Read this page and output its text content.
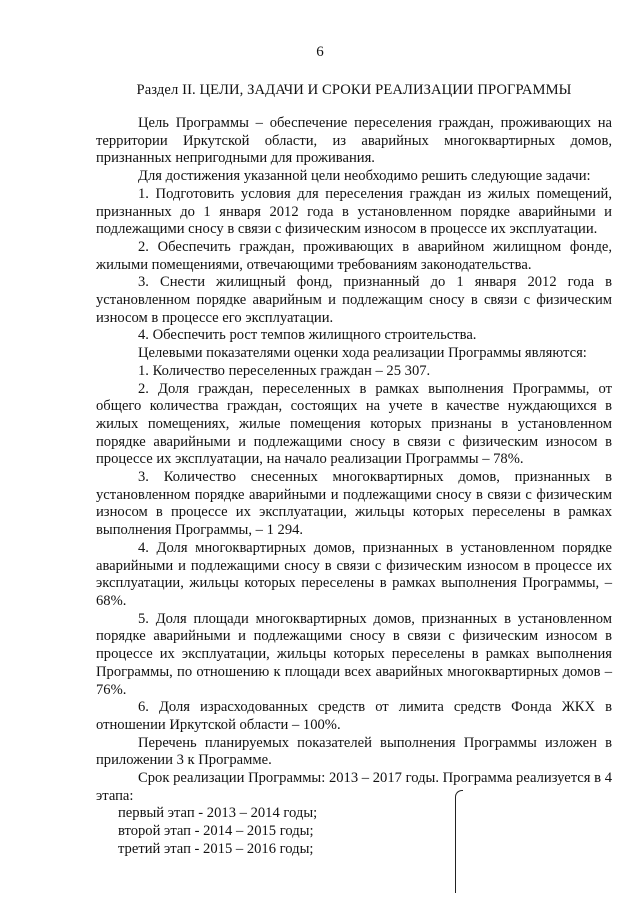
6
Раздел II. ЦЕЛИ, ЗАДАЧИ И СРОКИ РЕАЛИЗАЦИИ ПРОГРАММЫ

Цель Программы – обеспечение переселения граждан, проживающих на территории Иркутской области, из аварийных многоквартирных домов, признанных непригодными для проживания.

Для достижения указанной цели необходимо решить следующие задачи:

1. Подготовить условия для переселения граждан из жилых помещений, признанных до 1 января 2012 года в установленном порядке аварийными и подлежащими сносу в связи с физическим износом в процессе их эксплуатации.

2. Обеспечить граждан, проживающих в аварийном жилищном фонде, жилыми помещениями, отвечающими требованиям законодательства.

3. Снести жилищный фонд, признанный до 1 января 2012 года в установленном порядке аварийным и подлежащим сносу в связи с физическим износом в процессе его эксплуатации.

4. Обеспечить рост темпов жилищного строительства.

Целевыми показателями оценки хода реализации Программы являются:

1. Количество переселенных граждан – 25 307.

2. Доля граждан, переселенных в рамках выполнения Программы, от общего количества граждан, состоящих на учете в качестве нуждающихся в жилых помещениях, жилые помещения которых признаны в установленном порядке аварийными и подлежащими сносу в связи с физическим износом в процессе их эксплуатации, на начало реализации Программы – 78%.

3. Количество снесенных многоквартирных домов, признанных в установленном порядке аварийными и подлежащими сносу в связи с физическим износом в процессе их эксплуатации, жильцы которых переселены в рамках выполнения Программы, – 1 294.

4. Доля многоквартирных домов, признанных в установленном порядке аварийными и подлежащими сносу в связи с физическим износом в процессе их эксплуатации, жильцы которых переселены в рамках выполнения Программы, – 68%.

5. Доля площади многоквартирных домов, признанных в установленном порядке аварийными и подлежащими сносу в связи с физическим износом в процессе их эксплуатации, жильцы которых переселены в рамках выполнения Программы, по отношению к площади всех аварийных многоквартирных домов – 76%.

6. Доля израсходованных средств от лимита средств Фонда ЖКХ в отношении Иркутской области – 100%.

Перечень планируемых показателей выполнения Программы изложен в приложении 3 к Программе.

Срок реализации Программы: 2013 – 2017 годы. Программа реализуется в 4 этапа:

первый этап - 2013 – 2014 годы;

второй этап - 2014 – 2015 годы;

третий этап - 2015 – 2016 годы;
